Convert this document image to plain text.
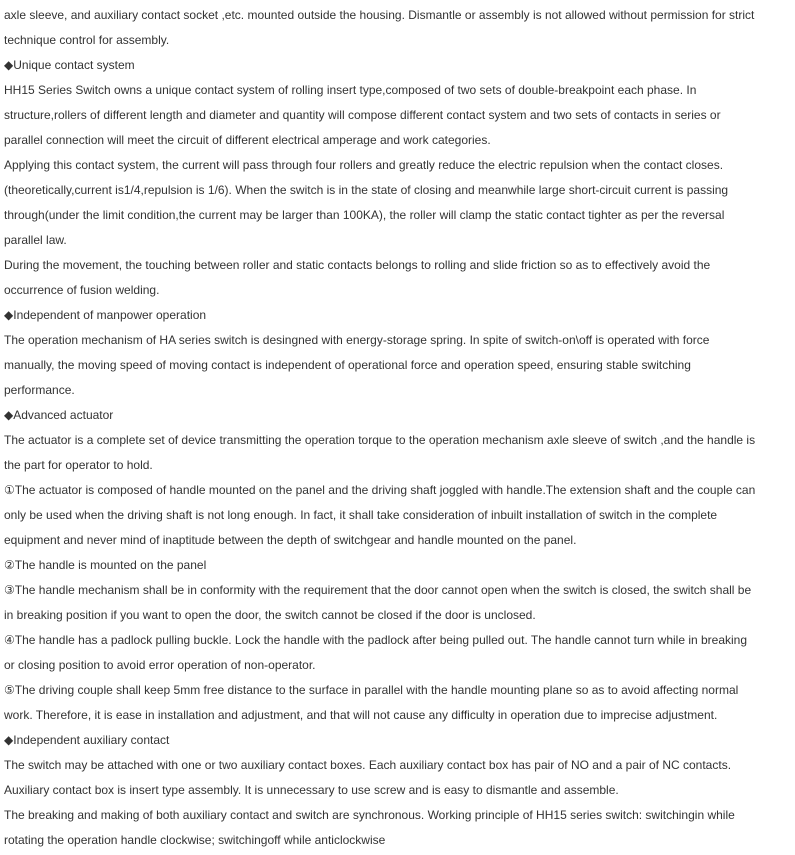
axle sleeve, and auxiliary contact socket ,etc. mounted outside the housing. Dismantle or assembly is not allowed without permission for strict
technique control for assembly.

◆Unique contact system

HH15 Series Switch owns a unique contact system of rolling insert type,composed of two sets of double-breakpoint each phase. In
structure,rollers of different length and diameter and quantity will compose different contact system and two sets of contacts in series or
parallel connection will meet the circuit of different electrical amperage and work categories.

Applying this contact system, the current will pass through four rollers and greatly reduce the electric repulsion when the contact closes.
(theoretically,current is1/4,repulsion is 1/6). When the switch is in the state of closing and meanwhile large short-circuit current is passing
through(under the limit condition,the current may be larger than 100KA), the roller will clamp the static contact tighter as per the reversal
parallel law.

During the movement, the touching between roller and static contacts belongs to rolling and slide friction so as to effectively avoid the
occurrence of fusion welding.

◆Independent of manpower operation

The operation mechanism of HA series switch is desingned with energy-storage spring. In spite of switch-on\off is operated with force
manually, the moving speed of moving contact is independent of operational force and operation speed, ensuring stable switching
performance.

◆Advanced actuator

The actuator is a complete set of device transmitting the operation torque to the operation mechanism axle sleeve of switch ,and the handle is
the part for operator to hold.

①The actuator is composed of handle mounted on the panel and the driving shaft joggled with handle.The extension shaft and the couple can
only be used when the driving shaft is not long enough. In fact, it shall take consideration of inbuilt installation of switch in the complete
equipment and never mind of inaptitude between the depth of switchgear and handle mounted on the panel.

②The handle is mounted on the panel

③The handle mechanism shall be in conformity with the requirement that the door cannot open when the switch is closed, the switch shall be
in breaking position if you want to open the door, the switch cannot be closed if the door is unclosed.

④The handle has a padlock pulling buckle. Lock the handle with the padlock after being pulled out. The handle cannot turn while in breaking
or closing position to avoid error operation of non-operator.

⑤The driving couple shall keep 5mm free distance to the surface in parallel with the handle mounting plane so as to avoid affecting normal
work. Therefore, it is ease in installation and adjustment, and that will not cause any difficulty in operation due to imprecise adjustment.

◆Independent auxiliary contact

The switch may be attached with one or two auxiliary contact boxes. Each auxiliary contact box has pair of NO and a pair of NC contacts.
Auxiliary contact box is insert type assembly. It is unnecessary to use screw and is easy to dismantle and assemble.

The breaking and making of both auxiliary contact and switch are synchronous. Working principle of HH15 series switch: switchingin while
rotating the operation handle clockwise; switchingoff while anticlockwise
